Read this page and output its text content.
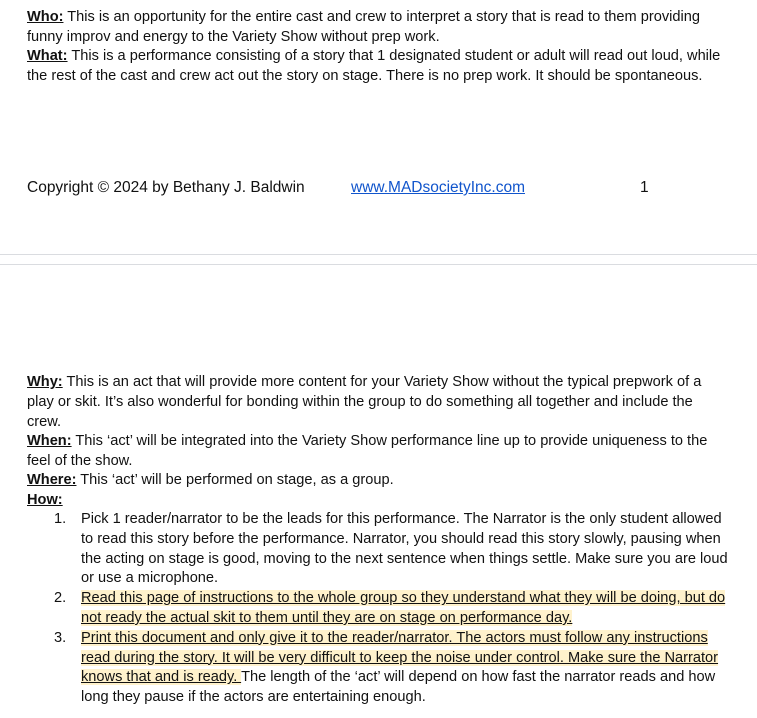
Who: This is an opportunity for the entire cast and crew to interpret a story that is read to them providing funny improv and energy to the Variety Show without prep work.

What: This is a performance consisting of a story that 1 designated student or adult will read out loud, while the rest of the cast and crew act out the story on stage. There is no prep work. It should be spontaneous.

Copyright © 2024 by Bethany J. Baldwin	www.MADsocietyInc.com	1

Why: This is an act that will provide more content for your Variety Show without the typical prepwork of a play or skit. It’s also wonderful for bonding within the group to do something all together and include the crew.

When: This ‘act’ will be integrated into the Variety Show performance line up to provide uniqueness to the feel of the show.

Where: This ‘act’ will be performed on stage, as a group.

How:

1. Pick 1 reader/narrator to be the leads for this performance. The Narrator is the only student allowed to read this story before the performance. Narrator, you should read this story slowly, pausing when the acting on stage is good, moving to the next sentence when things settle. Make sure you are loud or use a microphone.
2. Read this page of instructions to the whole group so they understand what they will be doing, but do not ready the actual skit to them until they are on stage on performance day.
3. Print this document and only give it to the reader/narrator. The actors must follow any instructions read during the story. It will be very difficult to keep the noise under control. Make sure the Narrator knows that and is ready. The length of the ‘act’ will depend on how fast the narrator reads and how long they pause if the actors are entertaining enough.
